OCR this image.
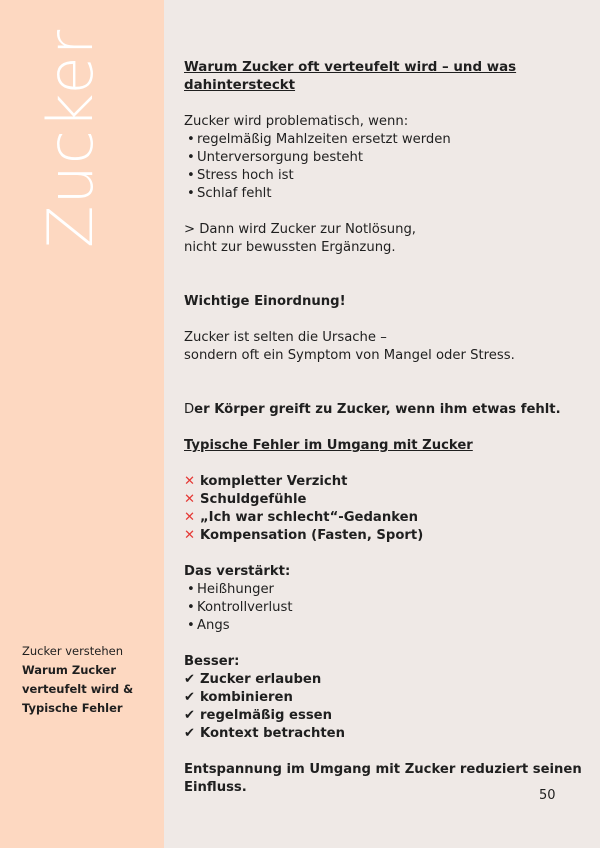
Zucker
Zucker verstehen
Warum Zucker
verteufelt wird &
Typische Fehler
Warum Zucker oft verteufelt wird – und was
dahintersteckt
Zucker wird problematisch, wenn:
• regelmäßig Mahlzeiten ersetzt werden
• Unterversorgung besteht
• Stress hoch ist
• Schlaf fehlt
> Dann wird Zucker zur Notlösung,
nicht zur bewussten Ergänzung.
Wichtige Einordnung!
Zucker ist selten die Ursache –
sondern oft ein Symptom von Mangel oder Stress.
Der Körper greift zu Zucker, wenn ihm etwas fehlt.
Typische Fehler im Umgang mit Zucker
✕ kompletter Verzicht
✕ Schuldgefühle
✕ „Ich war schlecht“-Gedanken
✕ Kompensation (Fasten, Sport)
Das verstärkt:
• Heißhunger
• Kontrollverlust
• Angs
Besser:
✔ Zucker erlauben
✔ kombinieren
✔ regelmäßig essen
✔ Kontext betrachten
Entspannung im Umgang mit Zucker reduziert seinen
Einfluss.
50
